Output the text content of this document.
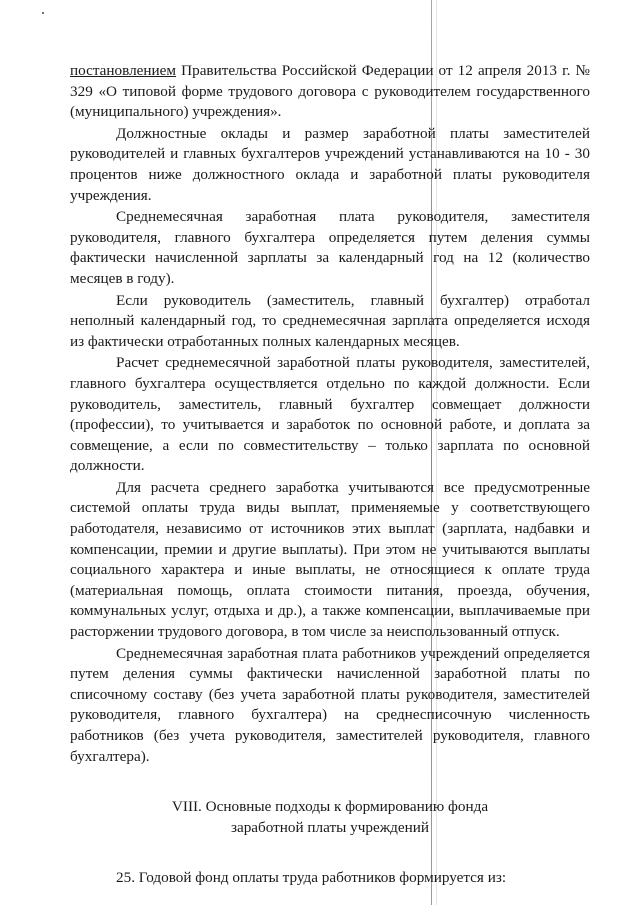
постановлением Правительства Российской Федерации от 12 апреля 2013 г. № 329 «О типовой форме трудового договора с руководителем государственного (муниципального) учреждения».

Должностные оклады и размер заработной платы заместителей руководителей и главных бухгалтеров учреждений устанавливаются на 10 - 30 процентов ниже должностного оклада и заработной платы руководителя учреждения.

Среднемесячная заработная плата руководителя, заместителя руководителя, главного бухгалтера определяется путем деления суммы фактически начисленной зарплаты за календарный год на 12 (количество месяцев в году).

Если руководитель (заместитель, главный бухгалтер) отработал неполный календарный год, то среднемесячная зарплата определяется исходя из фактически отработанных полных календарных месяцев.

Расчет среднемесячной заработной платы руководителя, заместителей, главного бухгалтера осуществляется отдельно по каждой должности. Если руководитель, заместитель, главный бухгалтер совмещает должности (профессии), то учитывается и заработок по основной работе, и доплата за совмещение, а если по совместительству – только зарплата по основной должности.

Для расчета среднего заработка учитываются все предусмотренные системой оплаты труда виды выплат, применяемые у соответствующего работодателя, независимо от источников этих выплат (зарплата, надбавки и компенсации, премии и другие выплаты). При этом не учитываются выплаты социального характера и иные выплаты, не относящиеся к оплате труда (материальная помощь, оплата стоимости питания, проезда, обучения, коммунальных услуг, отдыха и др.), а также компенсации, выплачиваемые при расторжении трудового договора, в том числе за неиспользованный отпуск.

Среднемесячная заработная плата работников учреждений определяется путем деления суммы фактически начисленной заработной платы по списочному составу (без учета заработной платы руководителя, заместителей руководителя, главного бухгалтера) на среднесписочную численность работников (без учета руководителя, заместителей руководителя, главного бухгалтера).

VIII. Основные подходы к формированию фонда
заработной платы учреждений

25. Годовой фонд оплаты труда работников формируется из:
